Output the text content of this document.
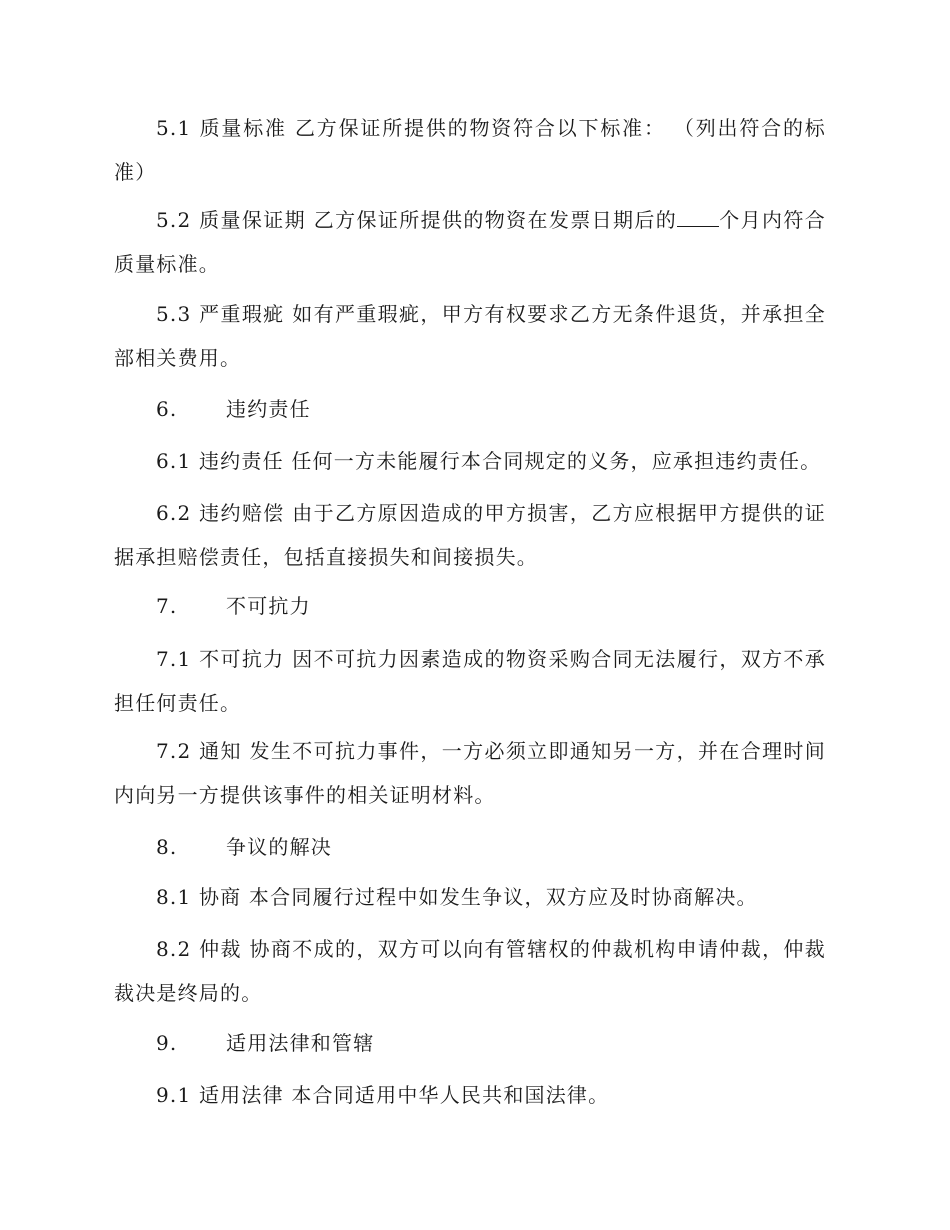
5.1 质量标准 乙方保证所提供的物资符合以下标准： （列出符合的标准）

5.2 质量保证期 乙方保证所提供的物资在发票日期后的 个月内符合质量标准。

5.3 严重瑕疵 如有严重瑕疵，甲方有权要求乙方无条件退货，并承担全部相关费用。

6. 违约责任

6.1 违约责任 任何一方未能履行本合同规定的义务，应承担违约责任。

6.2 违约赔偿 由于乙方原因造成的甲方损害，乙方应根据甲方提供的证据承担赔偿责任，包括直接损失和间接损失。

7. 不可抗力

7.1 不可抗力 因不可抗力因素造成的物资采购合同无法履行，双方不承担任何责任。

7.2 通知 发生不可抗力事件，一方必须立即通知另一方，并在合理时间内向另一方提供该事件的相关证明材料。

8. 争议的解决

8.1 协商 本合同履行过程中如发生争议，双方应及时协商解决。

8.2 仲裁 协商不成的，双方可以向有管辖权的仲裁机构申请仲裁，仲裁裁决是终局的。

9. 适用法律和管辖

9.1 适用法律 本合同适用中华人民共和国法律。
